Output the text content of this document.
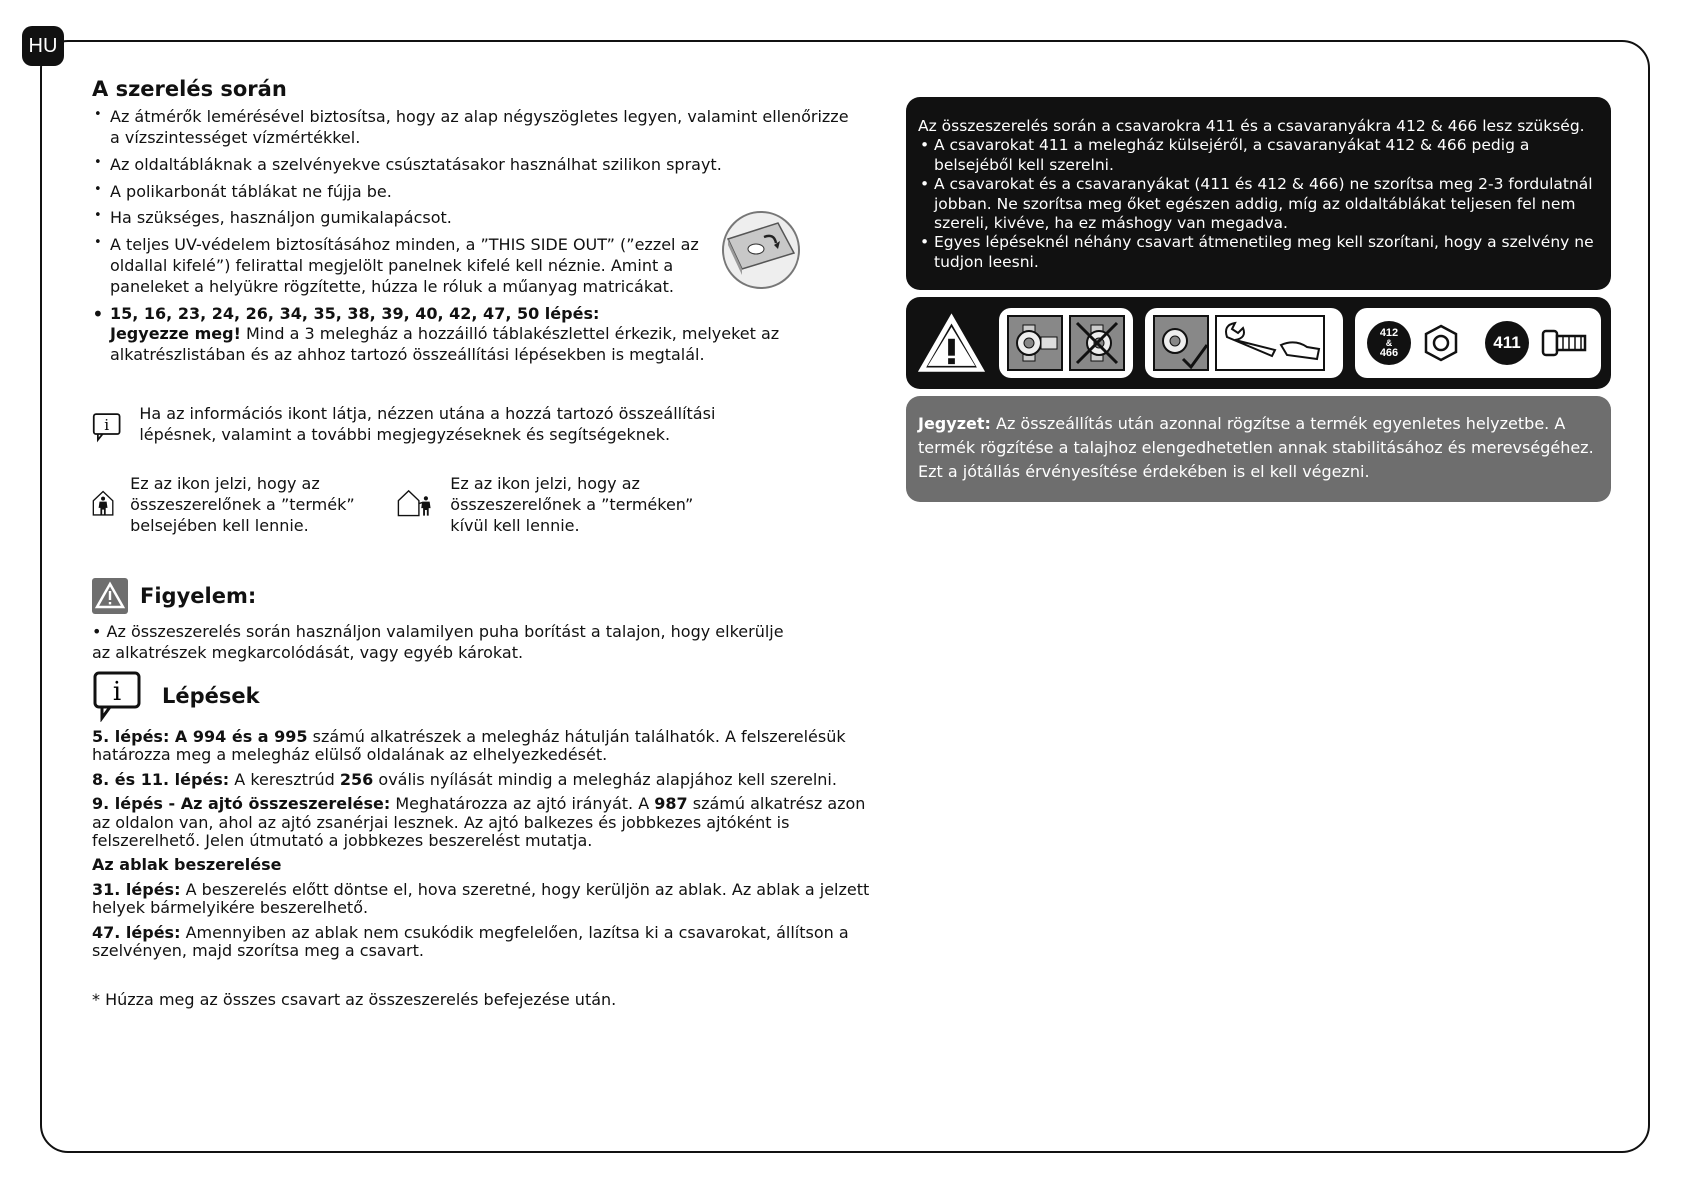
HU
A szerelés során
• Az átmérők lemérésével biztosítsa, hogy az alap négyszögletes legyen, valamint ellenőrizze a vízszintességet vízmértékkel.
• Az oldaltábláknak a szelvényekve csúsztatásakor használhat szilikon sprayt.
• A polikarbonát táblákat ne fújja be.
• Ha szükséges, használjon gumikalapácsot.
• A teljes UV-védelem biztosításához minden, a ”THIS SIDE OUT” (”ezzel az oldallal kifelé”) felirattal megjelölt panelnek kifelé kell néznie. Amint a paneleket a helyükre rögzítette, húzza le róluk a műanyag matricákat.
• 15, 16, 23, 24, 26, 34, 35, 38, 39, 40, 42, 47, 50 lépés:
Jegyezze meg! Mind a 3 melegház a hozzáilló táblakészlettel érkezik, melyeket az alkatrészlistában és az ahhoz tartozó összeállítási lépésekben is megtalál.
i
Ha az információs ikont látja, nézzen utána a hozzá tartozó összeállítási lépésnek, valamint a további megjegyzéseknek és segítségeknek.
Ez az ikon jelzi, hogy az összeszerelőnek a ”termék” belsejében kell lennie.
Ez az ikon jelzi, hogy az összeszerelőnek a ”terméken” kívül kell lennie.
Figyelem:
• Az összeszerelés során használjon valamilyen puha borítást a talajon, hogy elkerülje az alkatrészek megkarcolódását, vagy egyéb károkat.
i Lépések

5. lépés: A 994 és a 995 számú alkatrészek a melegház hátulján találhatók. A felszerelésük határozza meg a melegház elülső oldalának az elhelyezkedését.

8. és 11. lépés: A keresztrúd 256 ovális nyílását mindig a melegház alapjához kell szerelni.

9. lépés - Az ajtó összeszerelése: Meghatározza az ajtó irányát. A 987 számú alkatrész azon az oldalon van, ahol az ajtó zsanérjai lesznek. Az ajtó balkezes és jobbkezes ajtóként is felszerelhető. Jelen útmutató a jobbkezes beszerelést mutatja.

Az ablak beszerelése

31. lépés: A beszerelés előtt döntse el, hova szeretné, hogy kerüljön az ablak. Az ablak a jelzett helyek bármelyikére beszerelhető.

47. lépés: Amennyiben az ablak nem csukódik megfelelően, lazítsa ki a csavarokat, állítson a szelvényen, majd szorítsa meg a csavart.

* Húzza meg az összes csavart az összeszerelés befejezése után.
Az összeszerelés során a csavarokra 411 és a csavaranyákra 412 & 466 lesz szükség.
• A csavarokat 411 a melegház külsejéről, a csavaranyákat 412 & 466 pedig a belsejéből kell szerelni.
• A csavarokat és a csavaranyákat (411 és 412 & 466) ne szorítsa meg 2-3 fordulatnál jobban. Ne szorítsa meg őket egészen addig, míg az oldaltáblákat teljesen fel nem szereli, kivéve, ha ez máshogy van megadva.
• Egyes lépéseknél néhány csavart átmenetileg meg kell szorítani, hogy a szelvény ne tudjon leesni.
412
&
466
411
Jegyzet: Az összeállítás után azonnal rögzítse a termék egyenletes helyzetbe. A termék rögzítése a talajhoz elengedhetetlen annak stabilitásához és merevségéhez.
Ezt a jótállás érvényesítése érdekében is el kell végezni.
